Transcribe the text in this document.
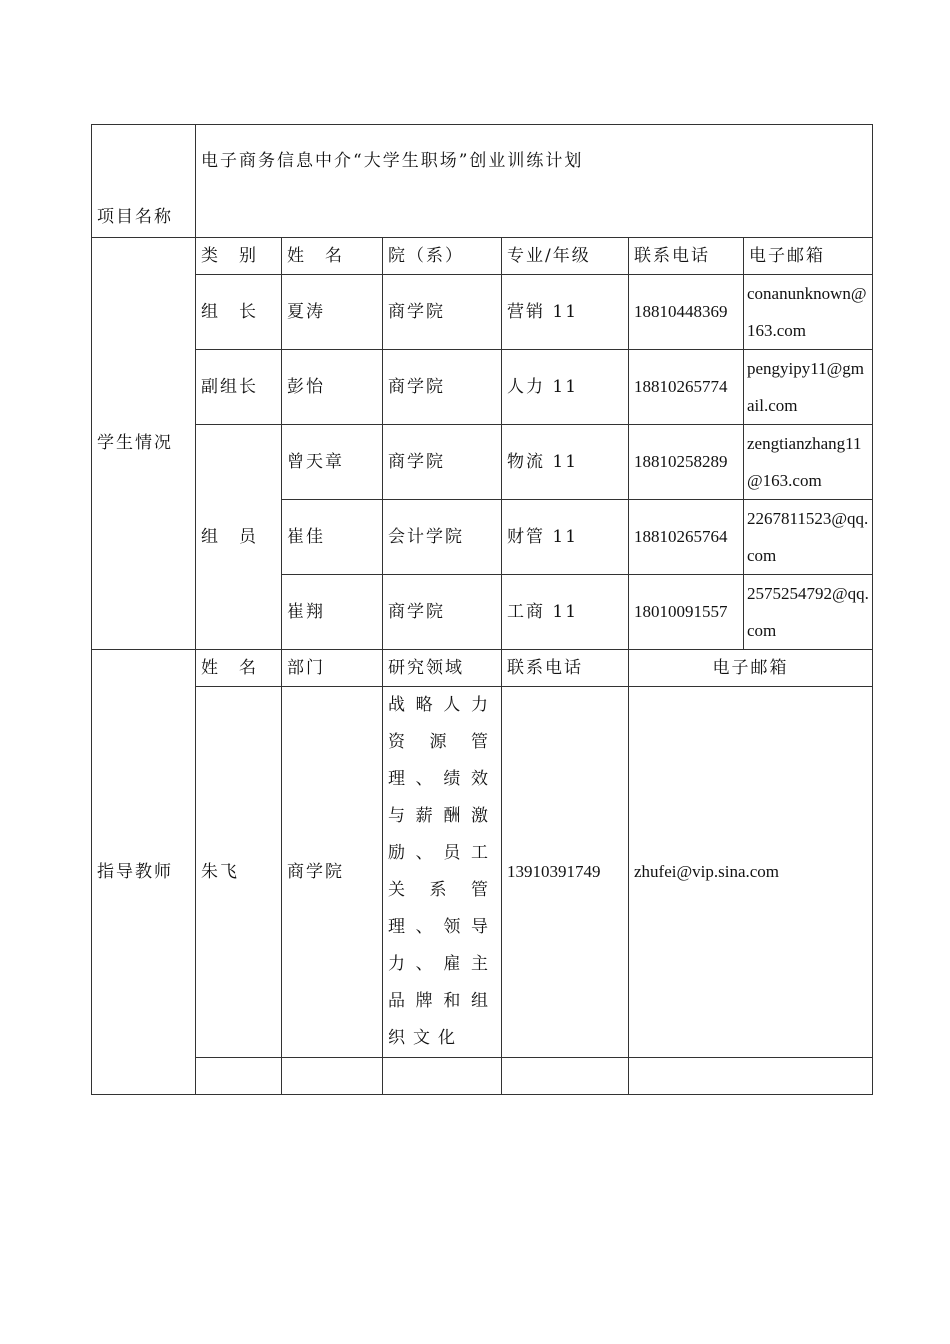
项目名称	电子商务信息中介“大学生职场”创业训练计划					
学生情况	类　别	姓　名	院（系）	专业/年级	联系电话	电子邮箱
	组　长	夏涛	商学院	营销 11	18810448369	conanunknown@163.com
	副组长	彭怡	商学院	人力 11	18810265774	pengyipy11@gmail.com
	组　员	曾天章	商学院	物流 11	18810258289	zengtianzhang11@163.com
		崔佳	会计学院	财管 11	18810265764	2267811523@qq.com
		崔翔	商学院	工商 11	18010091557	2575254792@qq.com
指导教师	姓　名	部门	研究领域	联系电话	电子邮箱	
	朱飞	商学院	战略人力资源管理、绩效与薪酬激励、员工关系管理、领导力、雇主品牌和组织文化	13910391749	zhufei@vip.sina.com	
